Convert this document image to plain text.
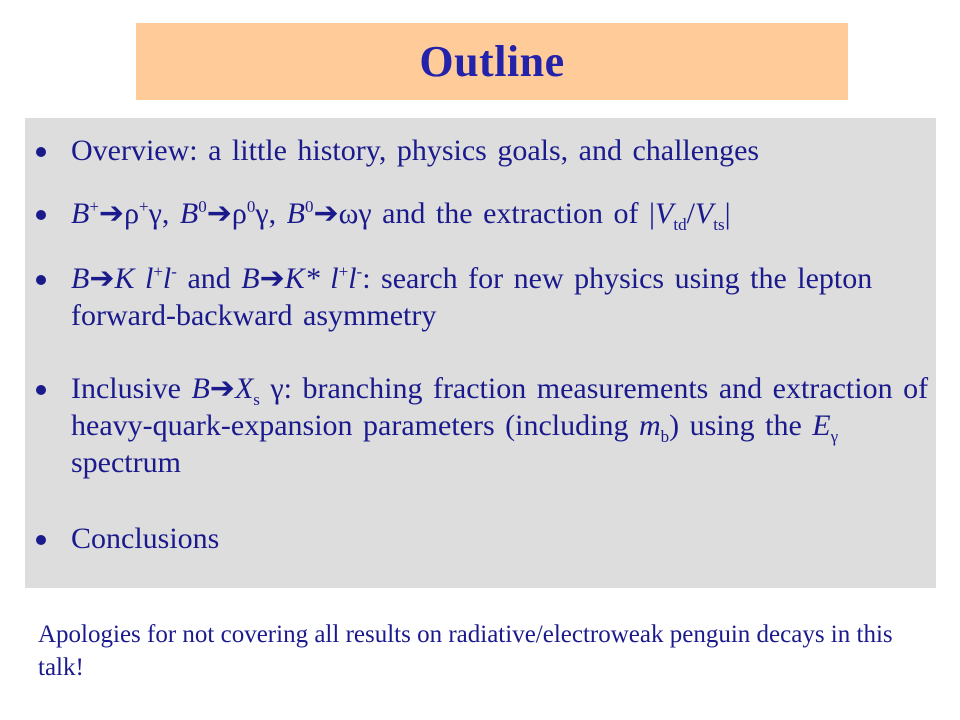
Outline
Overview: a little history, physics goals, and challenges
B+➔ρ+γ, $B^0➔\rho^0\gamma$, $B^0➔\omega\gamma$ and the extraction of $|V_{td}/V_{ts}|$
B➔K l+l- and B➔K* l+l-: search for new physics using the lepton forward-backward asymmetry
Inclusive $B➔X_s$ γ: branching fraction measurements and extraction of heavy-quark-expansion parameters (including $m_b$) using the $E_\gamma$ spectrum
Conclusions
Apologies for not covering all results on radiative/electroweak penguin decays in this talk!
